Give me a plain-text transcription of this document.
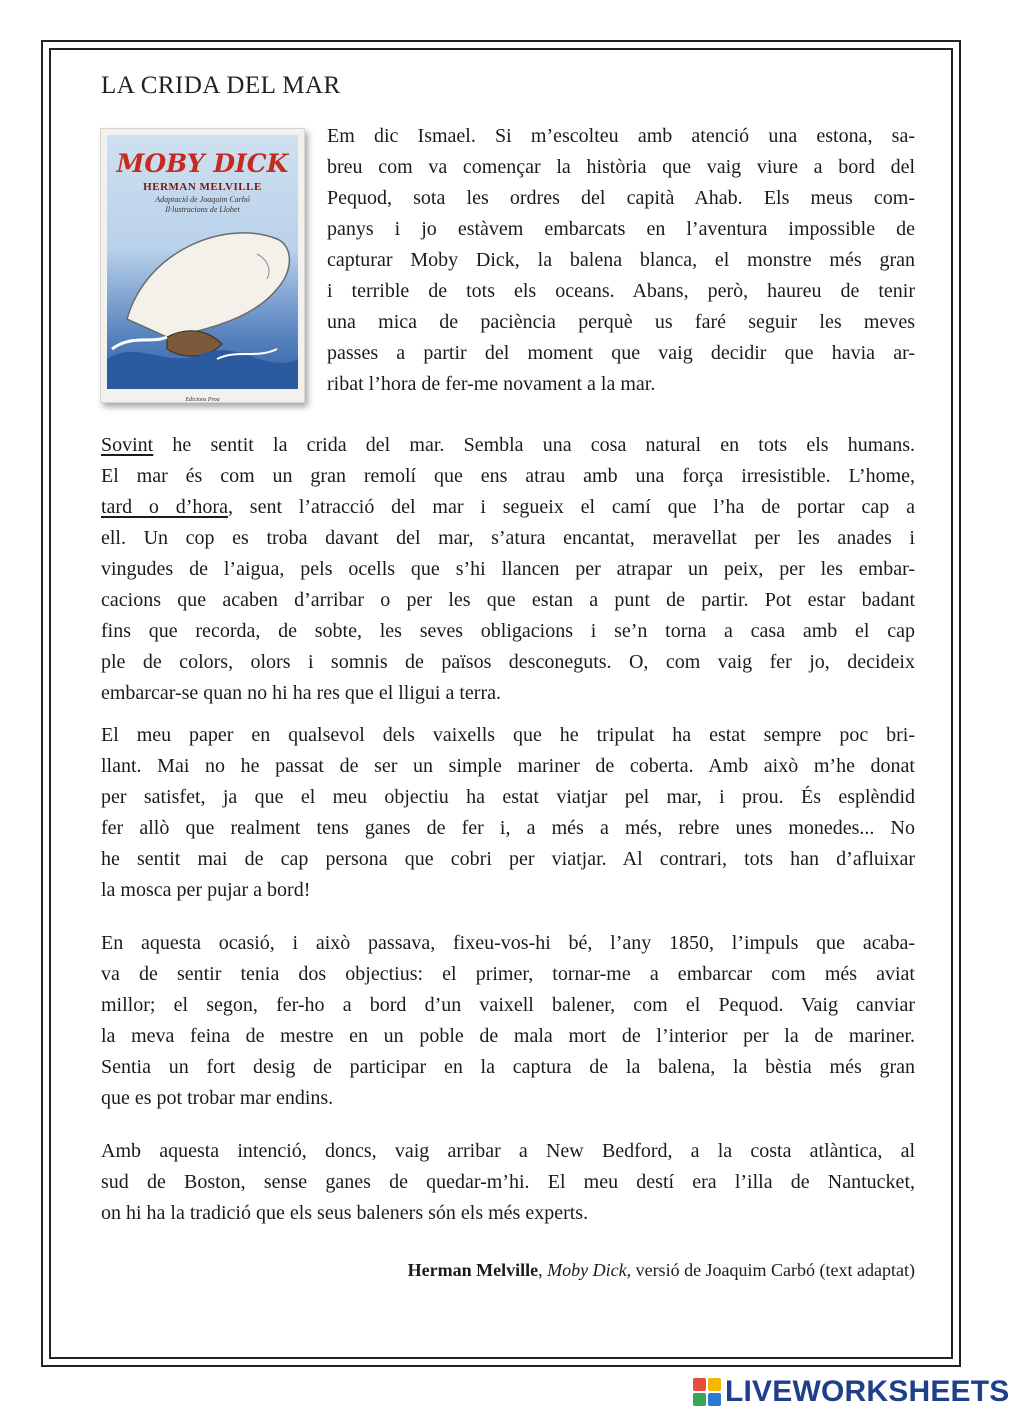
LA CRIDA DEL MAR
MOBY DICK
HERMAN MELVILLE
Adaptació de Joaquim Carbó
Il·lustracions de Llobet
Edicions Proa

Em dic Ismael. Si m’escolteu amb atenció una estona, sa-
breu com va començar la història que vaig viure a bord del
Pequod, sota les ordres del capità Ahab. Els meus com-
panys i jo estàvem embarcats en l’aventura impossible de
capturar Moby Dick, la balena blanca, el monstre més gran
i terrible de tots els oceans. Abans, però, haureu de tenir
una mica de paciència perquè us faré seguir les meves
passes a partir del moment que vaig decidir que havia ar-
ribat l’hora de fer-me novament a la mar.

Sovint he sentit la crida del mar. Sembla una cosa natural en tots els humans.
El mar és com un gran remolí que ens atrau amb una força irresistible. L’home,
tard o d’hora, sent l’atracció del mar i segueix el camí que l’ha de portar cap a
ell. Un cop es troba davant del mar, s’atura encantat, meravellat per les anades i
vingudes de l’aigua, pels ocells que s’hi llancen per atrapar un peix, per les embar-
cacions que acaben d’arribar o per les que estan a punt de partir. Pot estar badant
fins que recorda, de sobte, les seves obligacions i se’n torna a casa amb el cap
ple de colors, olors i somnis de països desconeguts. O, com vaig fer jo, decideix
embarcar-se quan no hi ha res que el lligui a terra.

El meu paper en qualsevol dels vaixells que he tripulat ha estat sempre poc bri-
llant. Mai no he passat de ser un simple mariner de coberta. Amb això m’he donat
per satisfet, ja que el meu objectiu ha estat viatjar pel mar, i prou. És esplèndid
fer allò que realment tens ganes de fer i, a més a més, rebre unes monedes... No
he sentit mai de cap persona que cobri per viatjar. Al contrari, tots han d’afluixar
la mosca per pujar a bord!

En aquesta ocasió, i això passava, fixeu-vos-hi bé, l’any 1850, l’impuls que acaba-
va de sentir tenia dos objectius: el primer, tornar-me a embarcar com més aviat
millor; el segon, fer-ho a bord d’un vaixell balener, com el Pequod. Vaig canviar
la meva feina de mestre en un poble de mala mort de l’interior per la de mariner.
Sentia un fort desig de participar en la captura de la balena, la bèstia més gran
que es pot trobar mar endins.

Amb aquesta intenció, doncs, vaig arribar a New Bedford, a la costa atlàntica, al
sud de Boston, sense ganes de quedar-m’hi. El meu destí era l’illa de Nantucket,
on hi ha la tradició que els seus baleners són els més experts.

Herman Melville, Moby Dick, versió de Joaquim Carbó (text adaptat)
LIVEWORKSHEETS
